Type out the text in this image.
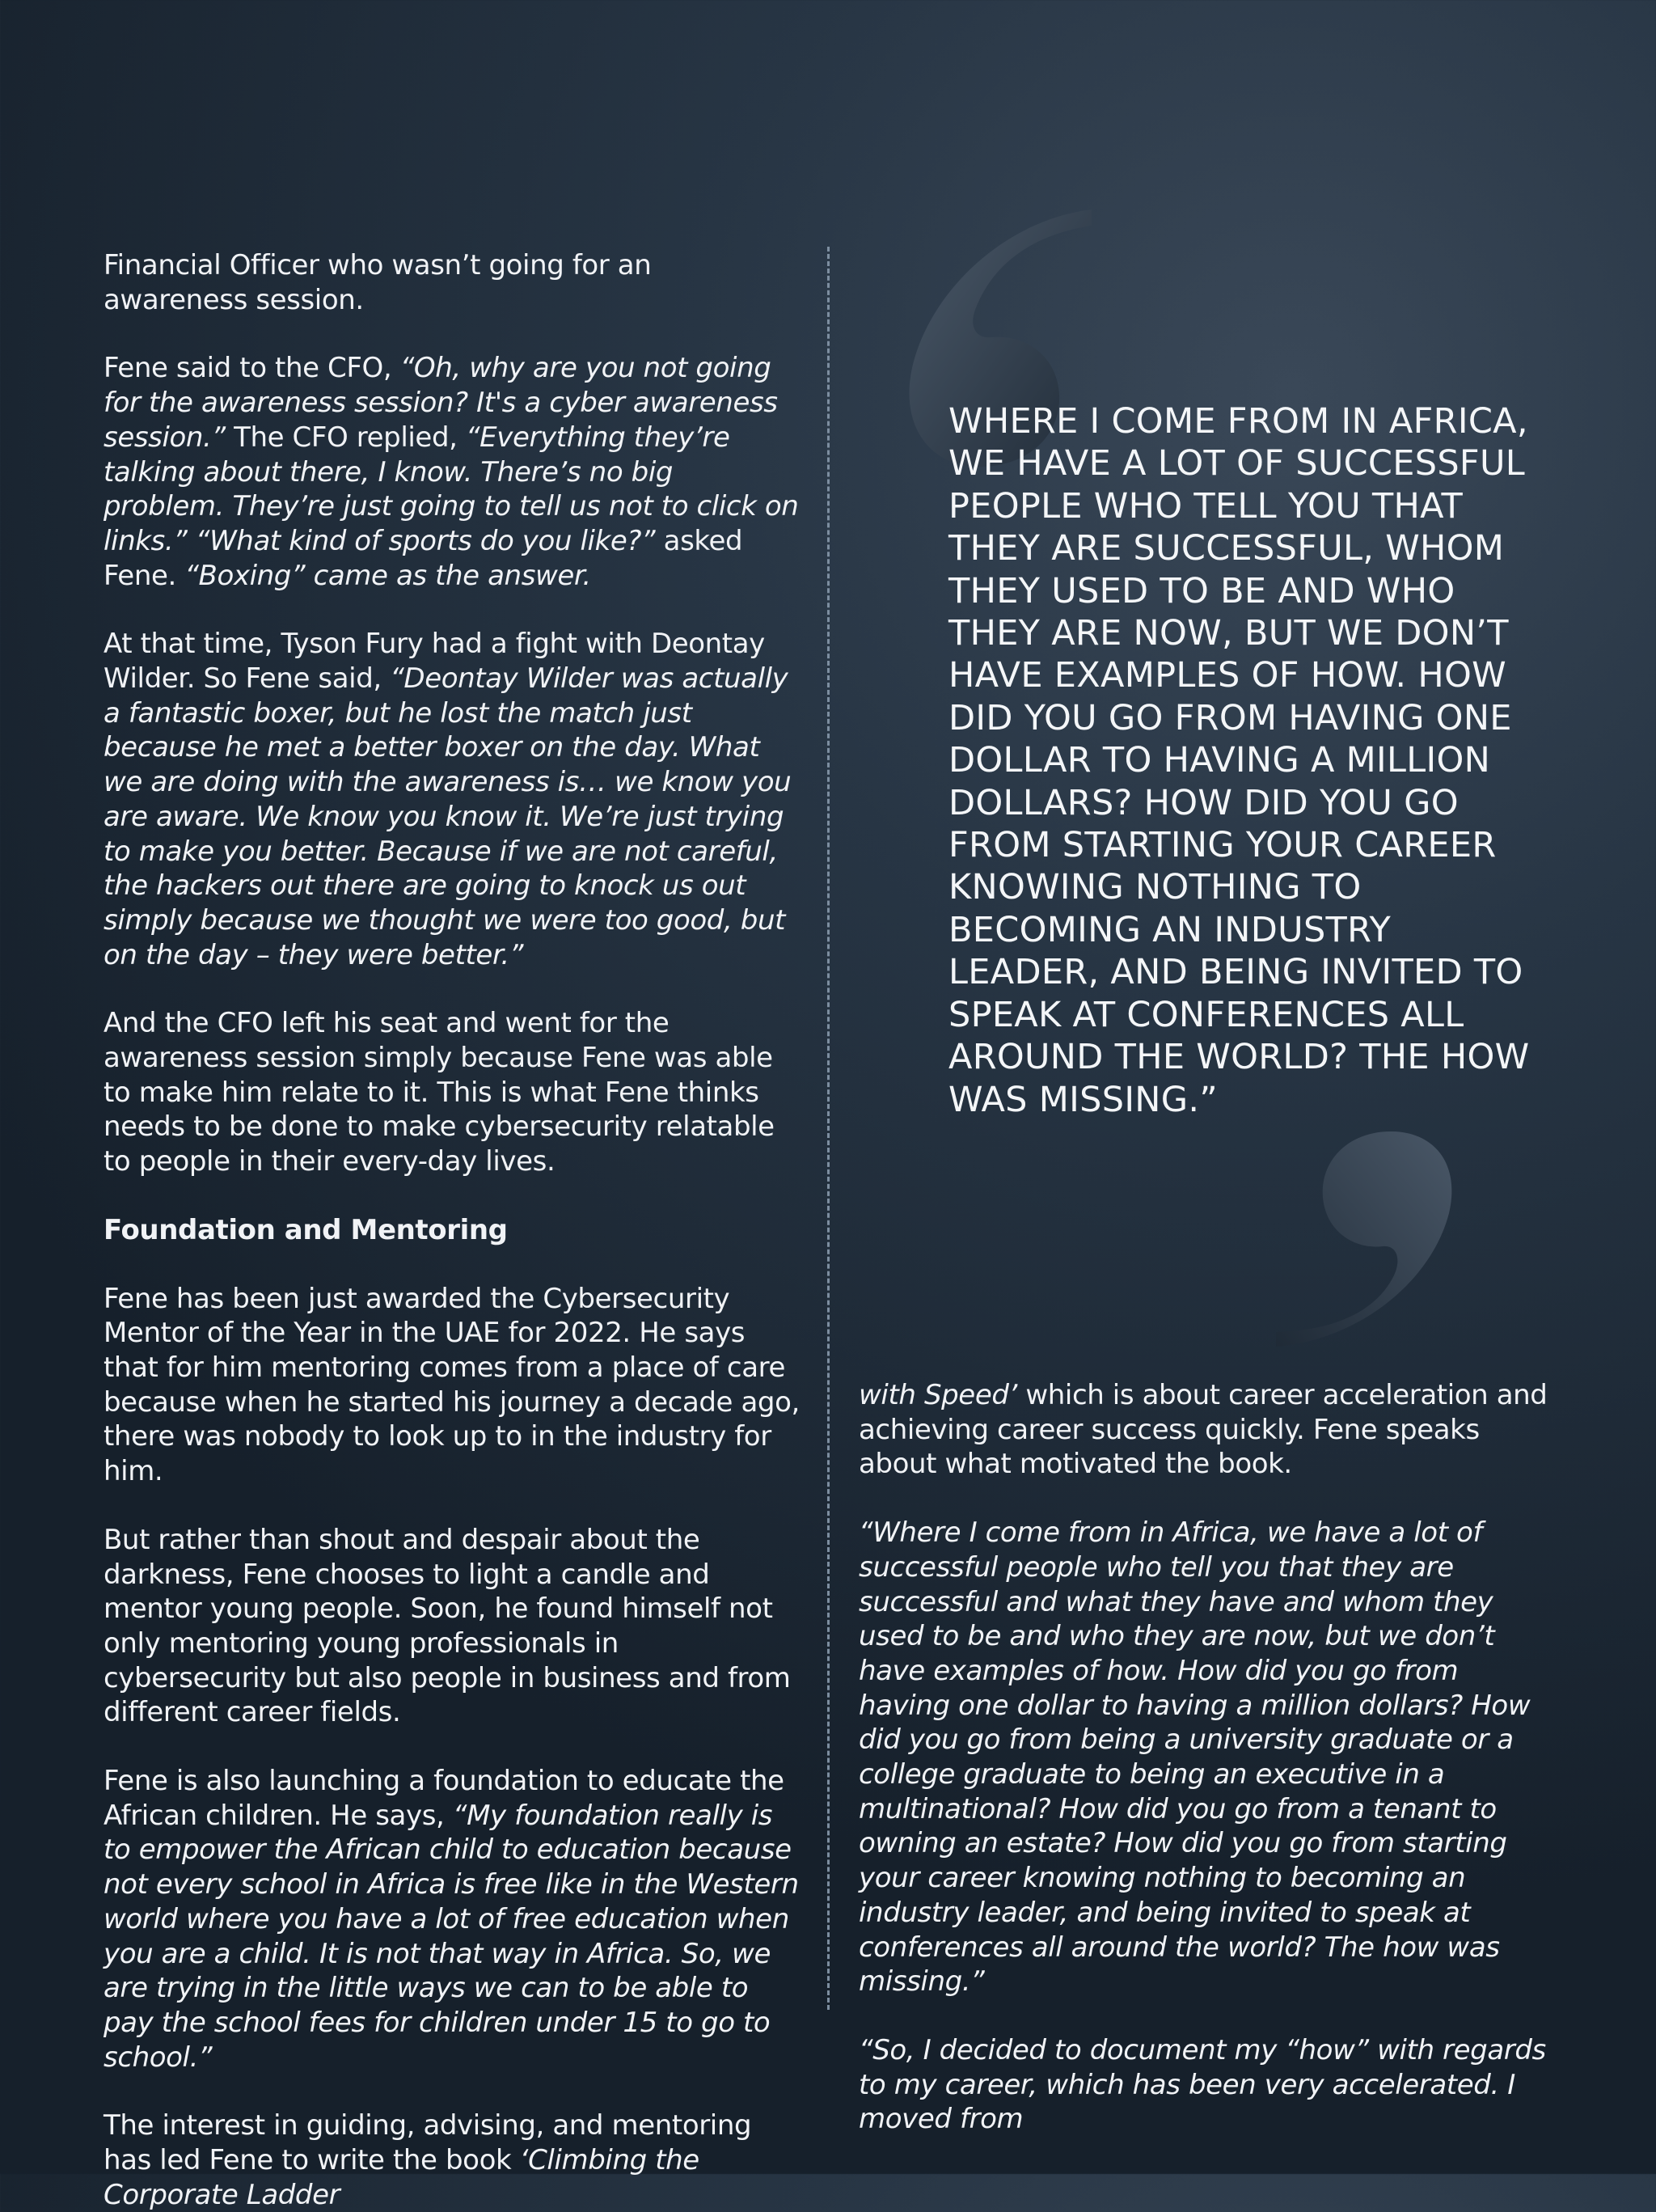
Financial Officer who wasn’t going for an awareness session.

Fene said to the CFO, “Oh, why are you not going for the awareness session? It's a cyber awareness session.” The CFO replied, “Everything they’re talking about there, I know. There’s no big problem. They’re just going to tell us not to click on links.” “What kind of sports do you like?” asked Fene. “Boxing” came as the answer.

At that time, Tyson Fury had a fight with Deontay Wilder. So Fene said, “Deontay Wilder was actually a fantastic boxer, but he lost the match just because he met a better boxer on the day. What we are doing with the awareness is… we know you are aware. We know you know it. We’re just trying to make you better. Because if we are not careful, the hackers out there are going to knock us out simply because we thought we were too good, but on the day – they were better.”

And the CFO left his seat and went for the awareness session simply because Fene was able to make him relate to it. This is what Fene thinks needs to be done to make cybersecurity relatable to people in their every-day lives.

Foundation and Mentoring

Fene has been just awarded the Cybersecurity Mentor of the Year in the UAE for 2022. He says that for him mentoring comes from a place of care because when he started his journey a decade ago, there was nobody to look up to in the industry for him.

But rather than shout and despair about the darkness, Fene chooses to light a candle and mentor young people. Soon, he found himself not only mentoring young professionals in cybersecurity but also people in business and from different career fields.

Fene is also launching a foundation to educate the African children. He says, “My foundation really is to empower the African child to education because not every school in Africa is free like in the Western world where you have a lot of free education when you are a child. It is not that way in Africa. So, we are trying in the little ways we can to be able to pay the school fees for children under 15 to go to school.”

The interest in guiding, advising, and mentoring has led Fene to write the book ‘Climbing the Corporate Ladder

WHERE I COME FROM IN AFRICA, WE HAVE A LOT OF SUCCESSFUL PEOPLE WHO TELL YOU THAT THEY ARE SUCCESSFUL, WHOM THEY USED TO BE AND WHO THEY ARE NOW, BUT WE DON’T HAVE EXAMPLES OF HOW. HOW DID YOU GO FROM HAVING ONE DOLLAR TO HAVING A MILLION DOLLARS? HOW DID YOU GO FROM STARTING YOUR CAREER KNOWING NOTHING TO BECOMING AN INDUSTRY LEADER, AND BEING INVITED TO SPEAK AT CONFERENCES ALL AROUND THE WORLD? THE HOW WAS MISSING.”

with Speed’ which is about career acceleration and achieving career success quickly. Fene speaks about what motivated the book.

“Where I come from in Africa, we have a lot of successful people who tell you that they are successful and what they have and whom they used to be and who they are now, but we don’t have examples of how. How did you go from having one dollar to having a million dollars? How did you go from being a university graduate or a college graduate to being an executive in a multinational? How did you go from a tenant to owning an estate? How did you go from starting your career knowing nothing to becoming an industry leader, and being invited to speak at conferences all around the world? The how was missing.”

“So, I decided to document my “how” with regards to my career, which has been very accelerated. I moved from
